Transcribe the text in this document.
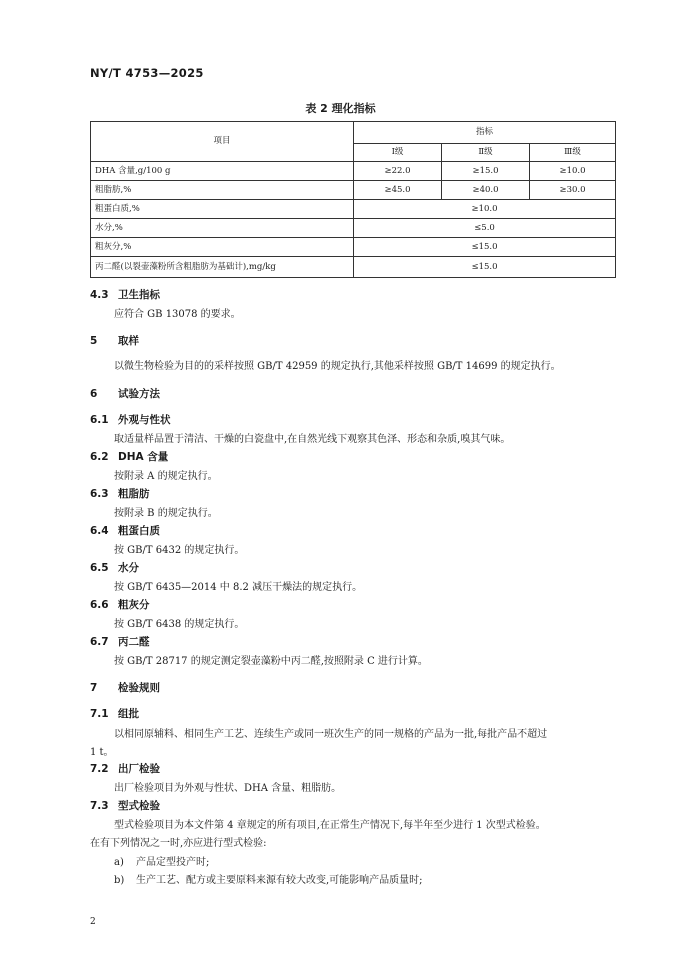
NY/T 4753—2025
表 2 理化指标
项目	指标		
	Ⅰ级	Ⅱ级	Ⅲ级
DHA 含量,g/100 g	≥22.0	≥15.0	≥10.0
粗脂肪,%	≥45.0	≥40.0	≥30.0
粗蛋白质,%	≥10.0		
水分,%	≤5.0		
粗灰分,%	≤15.0		
丙二醛(以裂壶藻粉所含粗脂肪为基础计),mg/kg	≤15.0		
4.3 卫生指标
应符合 GB 13078 的要求。
5 取样
以微生物检验为目的的采样按照 GB/T 42959 的规定执行,其他采样按照 GB/T 14699 的规定执行。
6 试验方法
6.1 外观与性状
取适量样品置于清洁、干燥的白瓷盘中,在自然光线下观察其色泽、形态和杂质,嗅其气味。
6.2 DHA 含量
按附录 A 的规定执行。
6.3 粗脂肪
按附录 B 的规定执行。
6.4 粗蛋白质
按 GB/T 6432 的规定执行。
6.5 水分
按 GB/T 6435—2014 中 8.2 减压干燥法的规定执行。
6.6 粗灰分
按 GB/T 6438 的规定执行。
6.7 丙二醛
按 GB/T 28717 的规定测定裂壶藻粉中丙二醛,按照附录 C 进行计算。
7 检验规则
7.1 组批
以相同原辅料、相同生产工艺、连续生产或同一班次生产的同一规格的产品为一批,每批产品不超过
1 t。
7.2 出厂检验
出厂检验项目为外观与性状、DHA 含量、粗脂肪。
7.3 型式检验
型式检验项目为本文件第 4 章规定的所有项目,在正常生产情况下,每半年至少进行 1 次型式检验。
在有下列情况之一时,亦应进行型式检验:
a) 产品定型投产时;
b) 生产工艺、配方或主要原料来源有较大改变,可能影响产品质量时;
2
